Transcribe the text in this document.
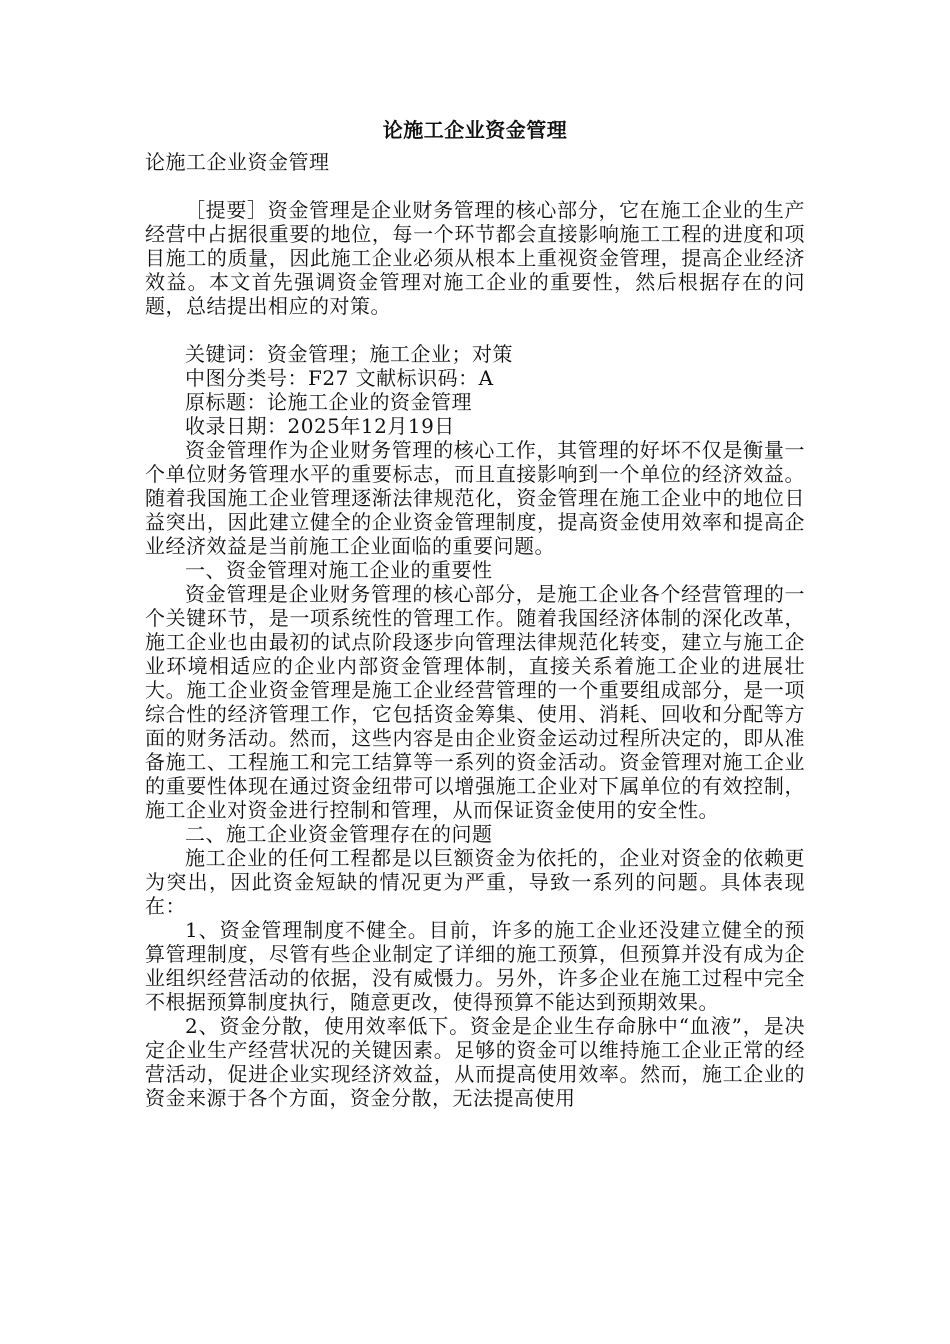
论施工企业资金管理
论施工企业资金管理
［提要］资金管理是企业财务管理的核心部分，它在施工企业的生产经营中占据很重要的地位，每一个环节都会直接影响施工工程的进度和项目施工的质量，因此施工企业必须从根本上重视资金管理，提高企业经济效益。本文首先强调资金管理对施工企业的重要性，然后根据存在的问题，总结提出相应的对策。
关键词：资金管理；施工企业；对策
中图分类号：F27 文献标识码：A
原标题：论施工企业的资金管理
收录日期：2025年12月19日
资金管理作为企业财务管理的核心工作，其管理的好坏不仅是衡量一个单位财务管理水平的重要标志，而且直接影响到一个单位的经济效益。随着我国施工企业管理逐渐法律规范化，资金管理在施工企业中的地位日益突出，因此建立健全的企业资金管理制度，提高资金使用效率和提高企业经济效益是当前施工企业面临的重要问题。
一、资金管理对施工企业的重要性
资金管理是企业财务管理的核心部分，是施工企业各个经营管理的一个关键环节，是一项系统性的管理工作。随着我国经济体制的深化改革，施工企业也由最初的试点阶段逐步向管理法律规范化转变，建立与施工企业环境相适应的企业内部资金管理体制，直接关系着施工企业的进展壮大。施工企业资金管理是施工企业经营管理的一个重要组成部分，是一项综合性的经济管理工作，它包括资金筹集、使用、消耗、回收和分配等方面的财务活动。然而，这些内容是由企业资金运动过程所决定的，即从准备施工、工程施工和完工结算等一系列的资金活动。资金管理对施工企业的重要性体现在通过资金纽带可以增强施工企业对下属单位的有效控制，施工企业对资金进行控制和管理，从而保证资金使用的安全性。
二、施工企业资金管理存在的问题
施工企业的任何工程都是以巨额资金为依托的，企业对资金的依赖更为突出，因此资金短缺的情况更为严重，导致一系列的问题。具体表现在：
1、资金管理制度不健全。目前，许多的施工企业还没建立健全的预算管理制度，尽管有些企业制定了详细的施工预算，但预算并没有成为企业组织经营活动的依据，没有威慑力。另外，许多企业在施工过程中完全不根据预算制度执行，随意更改，使得预算不能达到预期效果。
2、资金分散，使用效率低下。资金是企业生存命脉中“血液”，是决定企业生产经营状况的关键因素。足够的资金可以维持施工企业正常的经营活动，促进企业实现经济效益，从而提高使用效率。然而，施工企业的资金来源于各个方面，资金分散，无法提高使用
